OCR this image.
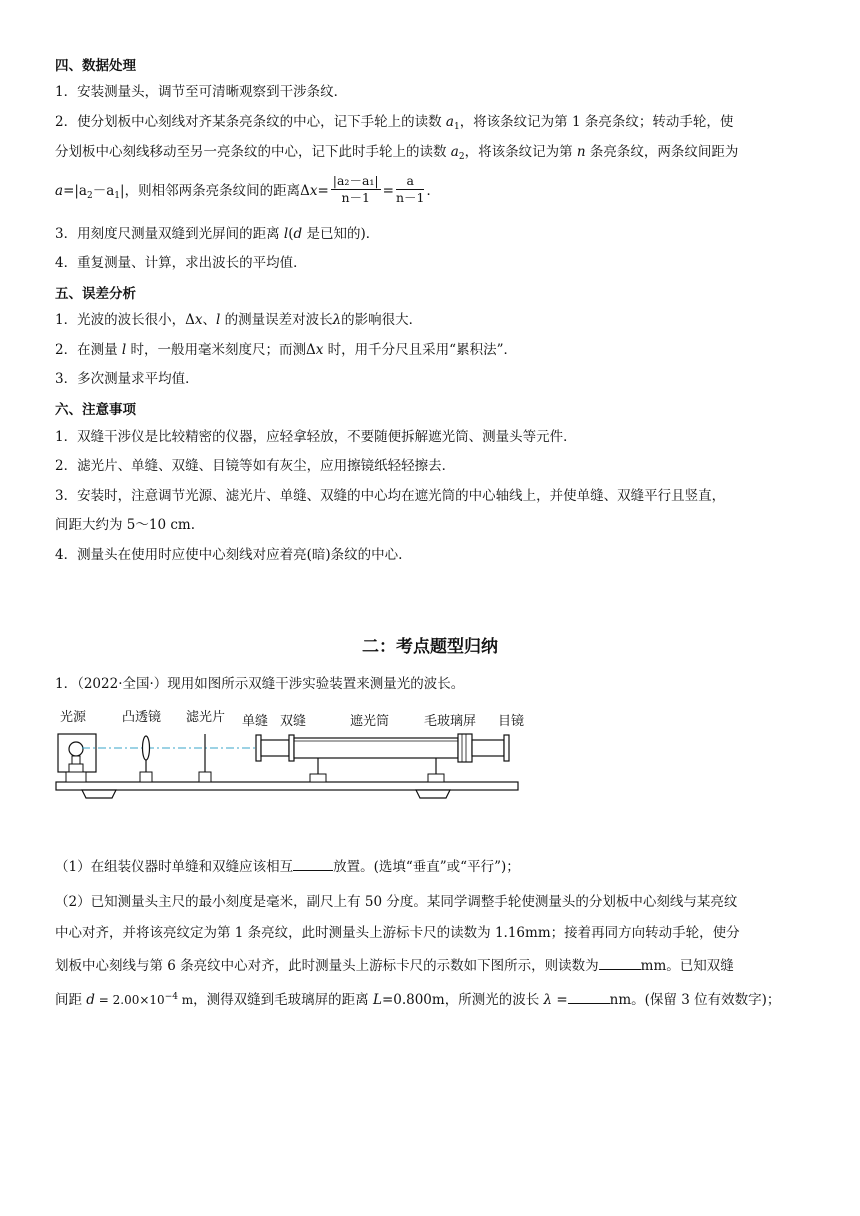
四、数据处理
1．安装测量头，调节至可清晰观察到干涉条纹．
2．使分划板中心刻线对齐某条亮条纹的中心，记下手轮上的读数 $a_1$，将该条纹记为第 1 条亮条纹；转动手轮，使
分划板中心刻线移动至另一亮条纹的中心，记下此时手轮上的读数 $a_2$，将该条纹记为第 n 条亮条纹，两条纹间距为
$a=|a_2-a_1|$，则相邻两条亮条纹间的距离$\Delta x= \frac{\text{|a₂－a₁|}}{n-1} = \frac{a}{n-1}$ ．
3．用刻度尺测量双缝到光屏间的距离 l(d 是已知的)．
4．重复测量、计算，求出波长的平均值．
五、误差分析
1．光波的波长很小，Δx、l 的测量误差对波长λ的影响很大．
2．在测量 l 时，一般用毫米刻度尺；而测Δx 时，用千分尺且采用“累积法”．
3．多次测量求平均值．
六、注意事项
1．双缝干涉仪是比较精密的仪器，应轻拿轻放，不要随便拆解遮光筒、测量头等元件．
2．滤光片、单缝、双缝、目镜等如有灰尘，应用擦镜纸轻轻擦去．
3．安装时，注意调节光源、滤光片、单缝、双缝的中心均在遮光筒的中心轴线上，并使单缝、双缝平行且竖直，
间距大约为 5～10 cm.
4．测量头在使用时应使中心刻线对应着亮(暗)条纹的中心.
二：考点题型归纳
1．（2022·全国·）现用如图所示双缝干涉实验装置来测量光的波长。
光源	凸透镜 滤光片 单缝 双缝	遮光筒	毛玻璃屏 目镜
（1）在组装仪器时单缝和双缝应该相互	放置。(选填“垂直”或“平行”)；
（2）已知测量头主尺的最小刻度是毫米，副尺上有 50 分度。某同学调整手轮使测量头的分划板中心刻线与某亮纹
中心对齐，并将该亮纹定为第 1 条亮纹，此时测量头上游标卡尺的读数为 1.16mm；接着再同方向转动手轮，使分
划板中心刻线与第 6 条亮纹中心对齐，此时测量头上游标卡尺的示数如下图所示，则读数为	mm。已知双缝
间距 $d = 2.00\times 10^{-4}$ m，测得双缝到毛玻璃屏的距离 L=0.800m，所测光的波长 λ =	nm。(保留 3 位有效数字)；
